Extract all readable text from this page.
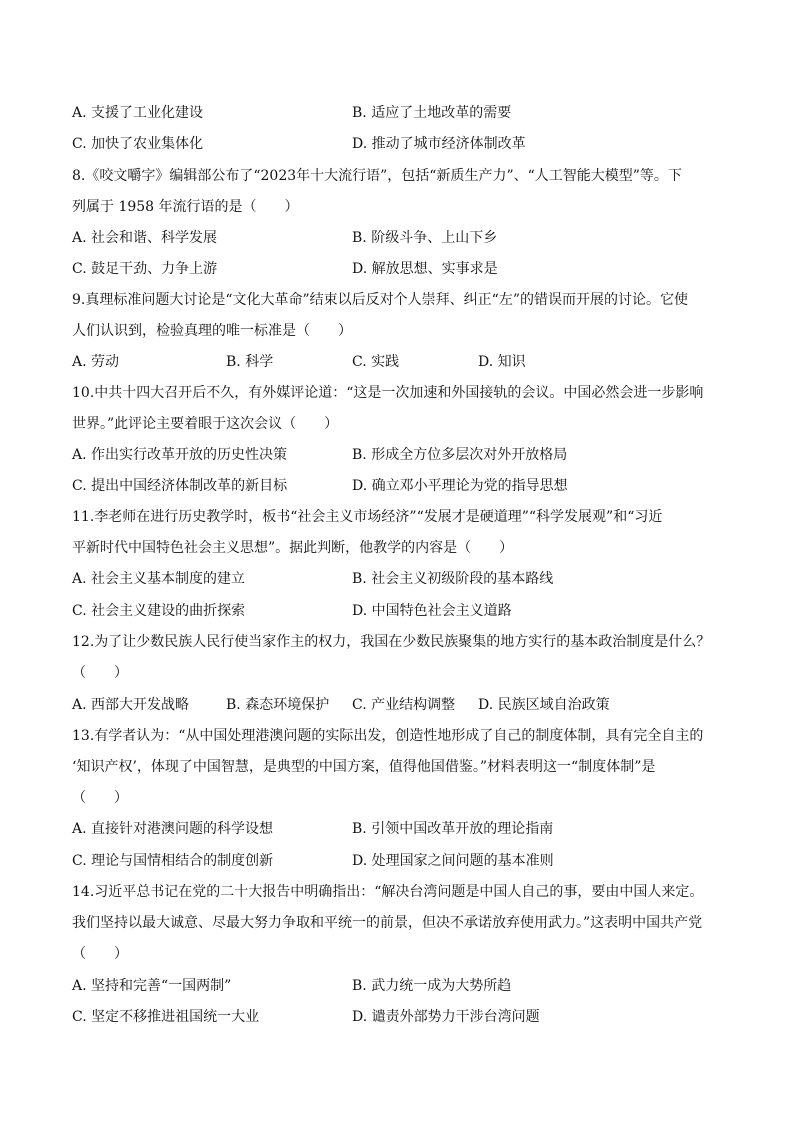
A. 支援了工业化建设	B. 适应了土地改革的需要
C. 加快了农业集体化	D. 推动了城市经济体制改革
8.《咬文嚼字》编辑部公布了“2023年十大流行语”，包括“新质生产力”、“人工智能大模型”等。下
列属于 1958 年流行语的是（　　）
A. 社会和谐、科学发展	B. 阶级斗争、上山下乡
C. 鼓足干劲、力争上游	D. 解放思想、实事求是
9.真理标准问题大讨论是“文化大革命”结束以后反对个人崇拜、纠正“左”的错误而开展的讨论。它使
人们认识到，检验真理的唯一标准是（　　）
A. 劳动	B. 科学	C. 实践	D. 知识
10.中共十四大召开后不久，有外媒评论道：“这是一次加速和外国接轨的会议。中国必然会进一步影响
世界。”此评论主要着眼于这次会议（　　）
A. 作出实行改革开放的历史性决策	B. 形成全方位多层次对外开放格局
C. 提出中国经济体制改革的新目标	D. 确立邓小平理论为党的指导思想
11.李老师在进行历史教学时，板书“社会主义市场经济”“发展才是硬道理”“科学发展观”和“习近
平新时代中国特色社会主义思想”。据此判断，他教学的内容是（　　）
A. 社会主义基本制度的建立	B. 社会主义初级阶段的基本路线
C. 社会主义建设的曲折探索	D. 中国特色社会主义道路
12.为了让少数民族人民行使当家作主的权力，我国在少数民族聚集的地方实行的基本政治制度是什么？
（　　）
A. 西部大开发战略	B. 森态环境保护 C. 产业结构调整 D. 民族区域自治政策
13.有学者认为：“从中国处理港澳问题的实际出发，创造性地形成了自己的制度体制，具有完全自主的
‘知识产权’，体现了中国智慧，是典型的中国方案，值得他国借鉴。”材料表明这一“制度体制”是
（　　）
A. 直接针对港澳问题的科学设想	B. 引领中国改革开放的理论指南
C. 理论与国情相结合的制度创新	D. 处理国家之间问题的基本准则
14.习近平总书记在党的二十大报告中明确指出：“解决台湾问题是中国人自己的事，要由中国人来定。
我们坚持以最大诚意、尽最大努力争取和平统一的前景，但决不承诺放弃使用武力。”这表明中国共产党
（　　）
A. 坚持和完善“一国两制”	B. 武力统一成为大势所趋
C. 坚定不移推进祖国统一大业	D. 谴责外部势力干涉台湾问题
